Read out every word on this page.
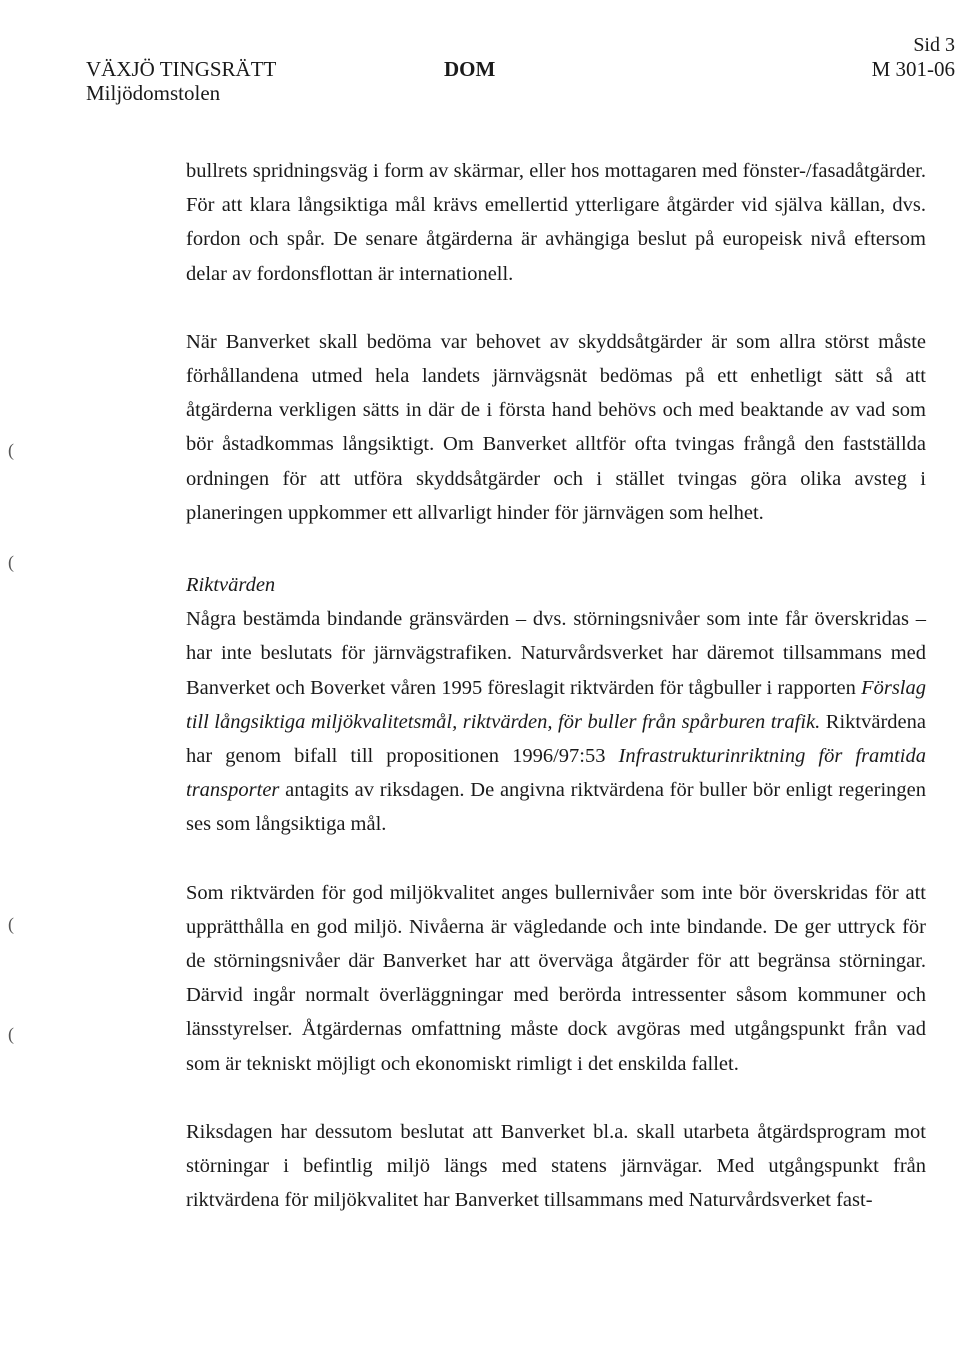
VÄXJÖ TINGSRÄTT
Miljödomstolen
DOM
Sid 3
M 301-06
(
(
(
(

bullrets spridningsväg i form av skärmar, eller hos mottagaren med fönster-/fasadåtgärder. För att klara långsiktiga mål krävs emellertid ytterligare åtgärder vid själva källan, dvs. fordon och spår. De senare åtgärderna är avhängiga beslut på europeisk nivå eftersom delar av fordonsflottan är internationell.

När Banverket skall bedöma var behovet av skyddsåtgärder är som allra störst måste förhållandena utmed hela landets järnvägsnät bedömas på ett enhetligt sätt så att åtgärderna verkligen sätts in där de i första hand behövs och med beaktande av vad som bör åstadkommas långsiktigt. Om Banverket alltför ofta tvingas frångå den fastställda ordningen för att utföra skyddsåtgärder och i stället tvingas göra olika avsteg i planeringen uppkommer ett allvarligt hinder för järnvägen som helhet.

Riktvärden

Några bestämda bindande gränsvärden – dvs. störningsnivåer som inte får överskridas – har inte beslutats för järnvägstrafiken. Naturvårdsverket har däremot tillsammans med Banverket och Boverket våren 1995 föreslagit riktvärden för tågbuller i rapporten Förslag till långsiktiga miljökvalitetsmål, riktvärden, för buller från spårburen trafik. Riktvärdena har genom bifall till propositionen 1996/97:53 Infrastrukturinriktning för framtida transporter antagits av riksdagen. De angivna riktvärdena för buller bör enligt regeringen ses som långsiktiga mål.

Som riktvärden för god miljökvalitet anges bullernivåer som inte bör överskridas för att upprätthålla en god miljö. Nivåerna är vägledande och inte bindande. De ger uttryck för de störningsnivåer där Banverket har att överväga åtgärder för att begränsa störningar. Därvid ingår normalt överläggningar med berörda intressenter såsom kommuner och länsstyrelser. Åtgärdernas omfattning måste dock avgöras med utgångspunkt från vad som är tekniskt möjligt och ekonomiskt rimligt i det enskilda fallet.

Riksdagen har dessutom beslutat att Banverket bl.a. skall utarbeta åtgärdsprogram mot störningar i befintlig miljö längs med statens järnvägar. Med utgångspunkt från riktvärdena för miljökvalitet har Banverket tillsammans med Naturvårdsverket fast-
